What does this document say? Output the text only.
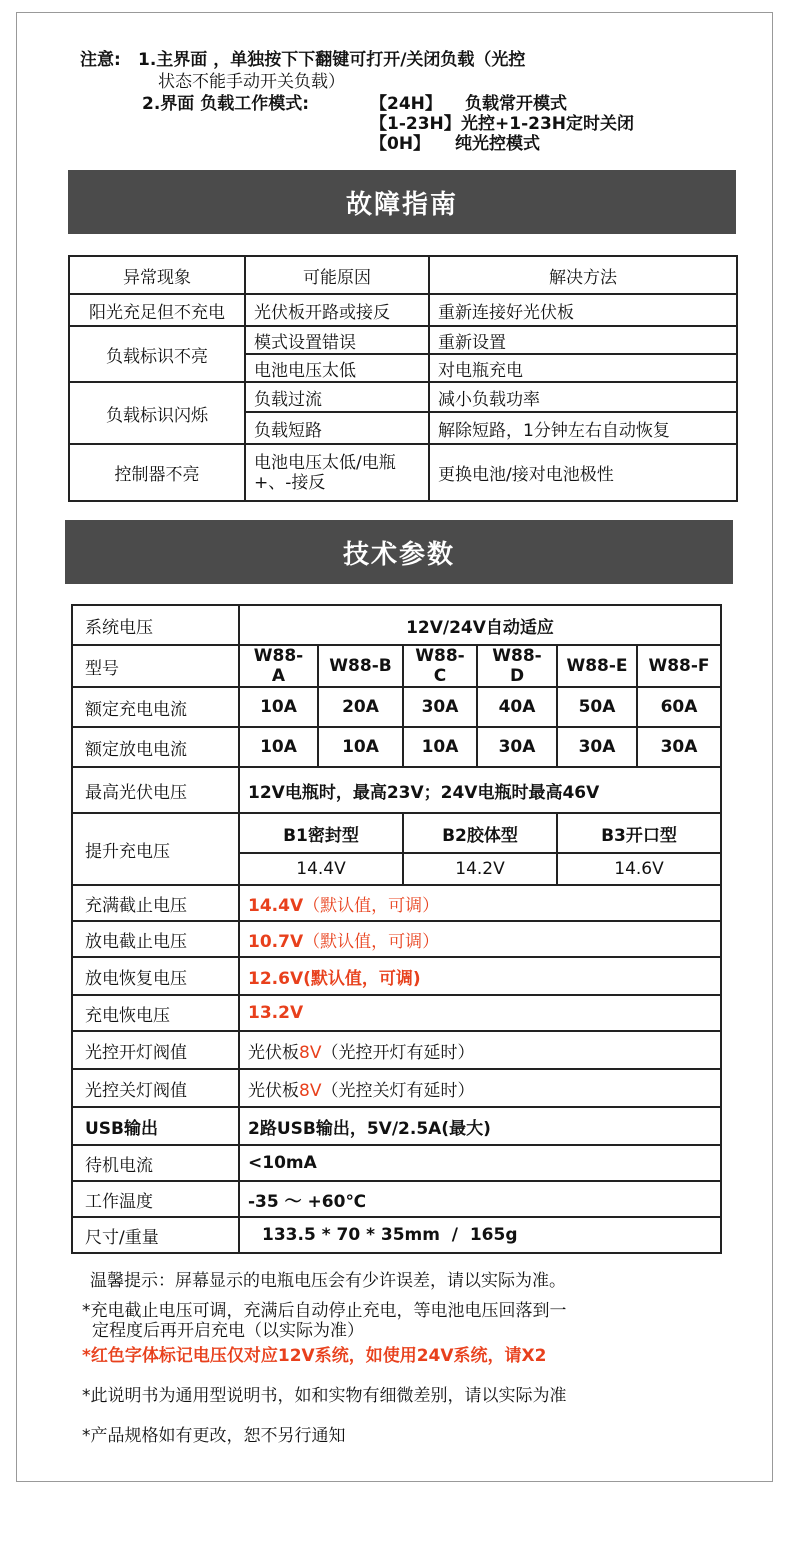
注意: 1.主界面 ，单独按下下翻键可打开/关闭负载（光控
状态不能手动开关负载）
2.界面 负载工作模式:	【24H】 负载常开模式
【1-23H】 光控+1-23H定时关闭
【0H】 纯光控模式
故障指南
异常现象	可能原因	解决方法
阳光充足但不充电	光伏板开路或接反	重新连接好光伏板
负载标识不亮	模式设置错误	重新设置
	电池电压太低	对电瓶充电
负载标识闪烁	负载过流	减小负载功率
	负载短路	解除短路，1分钟左右自动恢复
控制器不亮	电池电压太低/电瓶+、-接反	更换电池/接对电池极性
技术参数
系统电压	12V/24V自动适应					
型号	W88-A	W88-B	W88-C	W88-D	W88-E	W88-F
额定充电电流	10A	20A	30A	40A	50A	60A
额定放电电流	10A	10A	10A	30A	30A	30A
最高光伏电压	12V电瓶时，最高23V；24V电瓶时最高46V					
提升充电压	B1密封型		B2胶体型		B3开口型	
	14.4V		14.2V		14.6V	
充满截止电压	14.4V（默认值，可调）					
放电截止电压	10.7V（默认值，可调）					
放电恢复电压	12.6V(默认值，可调)					
充电恢电压	13.2V					
光控开灯阀值	光伏板8V（光控开灯有延时）					
光控关灯阀值	光伏板8V（光控关灯有延时）					
USB输出	2路USB输出，5V/2.5A(最大)					
待机电流	<10mA					
工作温度	-35 ～ +60℃					
尺寸/重量	133.5 * 70 * 35mm  /  165g					
温馨提示：屏幕显示的电瓶电压会有少许误差，请以实际为准。
*充电截止电压可调，充满后自动停止充电，等电池电压回落到一
定程度后再开启充电（以实际为准）
*红色字体标记电压仅对应12V系统，如使用24V系统，请X2
*此说明书为通用型说明书，如和实物有细微差别，请以实际为准
*产品规格如有更改，恕不另行通知
